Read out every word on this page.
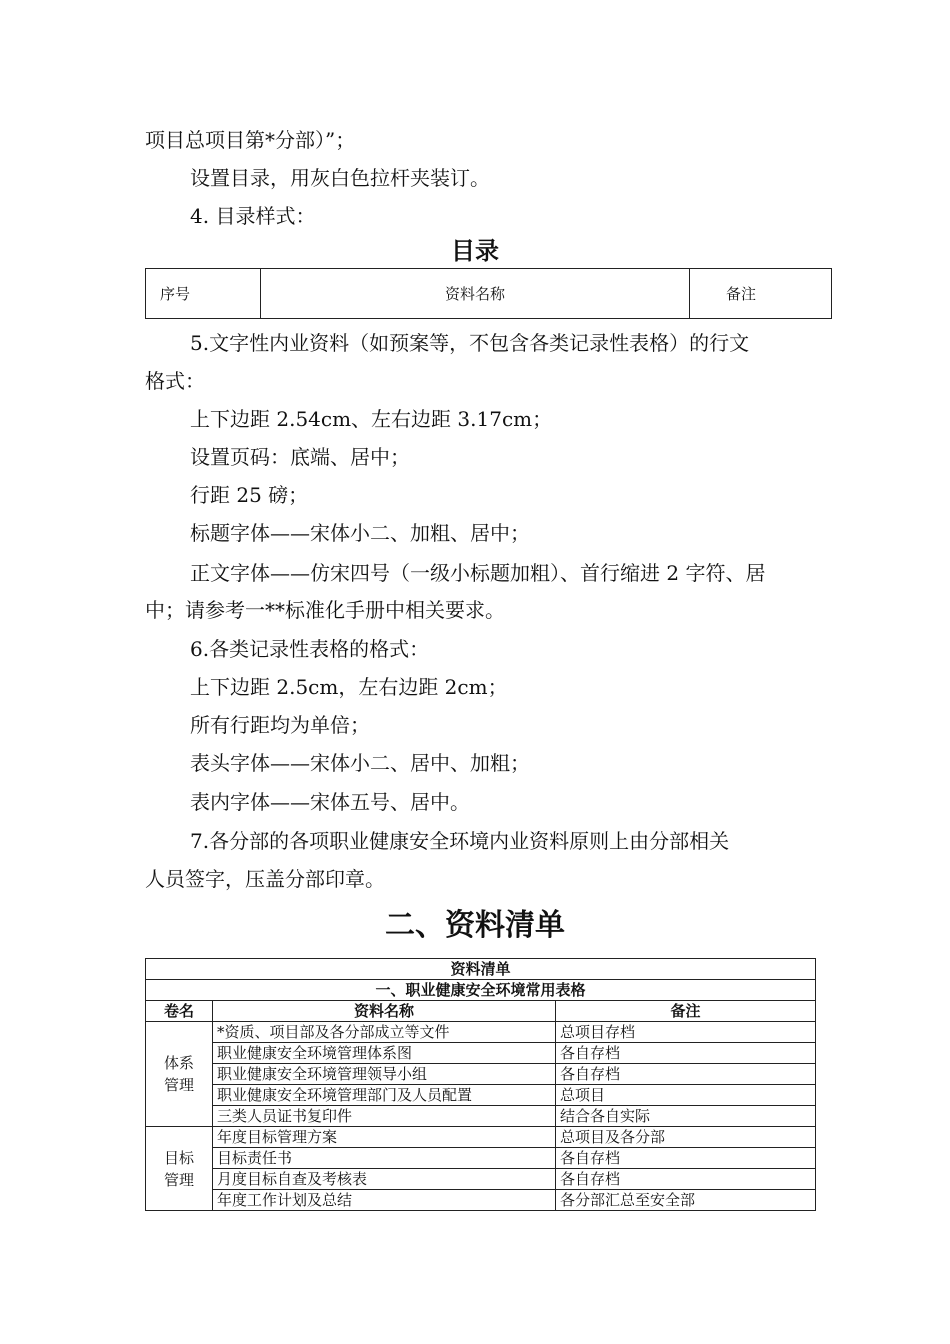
项目总项目第*分部）”；
设置目录，用灰白色拉杆夹装订。
4. 目录样式：
目录
序号	资料名称	备注
5.文字性内业资料（如预案等，不包含各类记录性表格）的行文
格式：
上下边距 2.54cm、左右边距 3.17cm；
设置页码：底端、居中；
行距 25 磅；
标题字体——宋体小二、加粗、居中；
正文字体——仿宋四号（一级小标题加粗）、首行缩进 2 字符、居
中；请参考一**标准化手册中相关要求。
6.各类记录性表格的格式：
上下边距 2.5cm，左右边距 2cm；
所有行距均为单倍；
表头字体——宋体小二、居中、加粗；
表内字体——宋体五号、居中。
7.各分部的各项职业健康安全环境内业资料原则上由分部相关
人员签字，压盖分部印章。
二、资料清单
资料清单		
一、职业健康安全环境常用表格		
卷名	资料名称	备注
体系管理	*资质、项目部及各分部成立等文件	总项目存档
	职业健康安全环境管理体系图	各自存档
	职业健康安全环境管理领导小组	各自存档
	职业健康安全环境管理部门及人员配置	总项目
	三类人员证书复印件	结合各自实际
目标管理	年度目标管理方案	总项目及各分部
	目标责任书	各自存档
	月度目标自查及考核表	各自存档
	年度工作计划及总结	各分部汇总至安全部
